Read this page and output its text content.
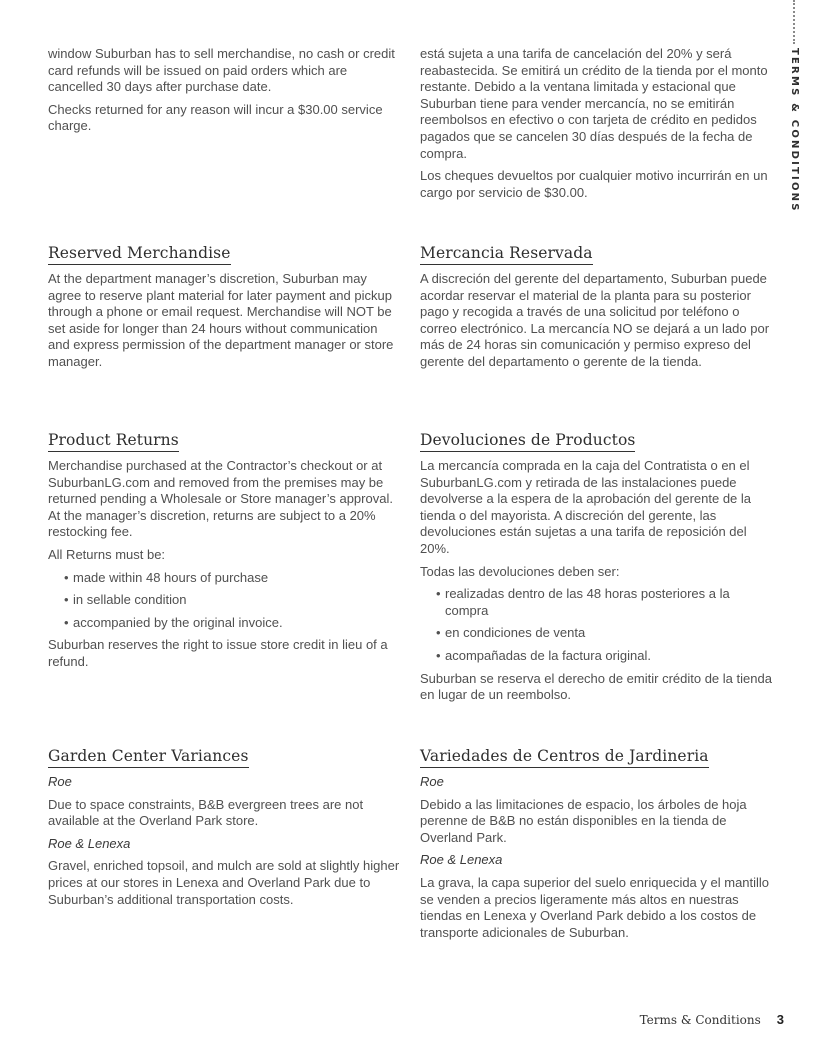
TERMS & CONDITIONS

window Suburban has to sell merchandise, no cash or credit card refunds will be issued on paid orders which are cancelled 30 days after purchase date.

Checks returned for any reason will incur a $30.00 service charge.

está sujeta a una tarifa de cancelación del 20% y será reabastecida. Se emitirá un crédito de la tienda por el monto restante. Debido a la ventana limitada y estacional que Suburban tiene para vender mercancía, no se emitirán reembolsos en efectivo o con tarjeta de crédito en pedidos pagados que se cancelen 30 días después de la fecha de compra.

Los cheques devueltos por cualquier motivo incurrirán en un cargo por servicio de $30.00.

Reserved Merchandise

At the department manager’s discretion, Suburban may agree to reserve plant material for later payment and pickup through a phone or email request. Merchandise will NOT be set aside for longer than 24 hours without communication and express permission of the department manager or store manager.

Mercancia Reservada

A discreción del gerente del departamento, Suburban puede acordar reservar el material de la planta para su posterior pago y recogida a través de una solicitud por teléfono o correo electrónico. La mercancía NO se dejará a un lado por más de 24 horas sin comunicación y permiso expreso del gerente del departamento o gerente de la tienda.

Product Returns

Merchandise purchased at the Contractor’s checkout or at SuburbanLG.com and removed from the premises may be returned pending a Wholesale or Store manager’s approval. At the manager’s discretion, returns are subject to a 20% restocking fee.

All Returns must be:

• made within 48 hours of purchase
• in sellable condition
• accompanied by the original invoice.

Suburban reserves the right to issue store credit in lieu of a refund.

Devoluciones de Productos

La mercancía comprada en la caja del Contratista o en el SuburbanLG.com y retirada de las instalaciones puede devolverse a la espera de la aprobación del gerente de la tienda o del mayorista. A discreción del gerente, las devoluciones están sujetas a una tarifa de reposición del 20%.

Todas las devoluciones deben ser:

• realizadas dentro de las 48 horas posteriores a la compra
• en condiciones de venta
• acompañadas de la factura original.

Suburban se reserva el derecho de emitir crédito de la tienda en lugar de un reembolso.

Garden Center Variances

Roe

Due to space constraints, B&B evergreen trees are not available at the Overland Park store.

Roe & Lenexa

Gravel, enriched topsoil, and mulch are sold at slightly higher prices at our stores in Lenexa and Overland Park due to Suburban’s additional transportation costs.

Variedades de Centros de Jardineria

Roe

Debido a las limitaciones de espacio, los árboles de hoja perenne de B&B no están disponibles en la tienda de Overland Park.

Roe & Lenexa

La grava, la capa superior del suelo enriquecida y el mantillo se venden a precios ligeramente más altos en nuestras tiendas en Lenexa y Overland Park debido a los costos de transporte adicionales de Suburban.

Terms & Conditions 3
